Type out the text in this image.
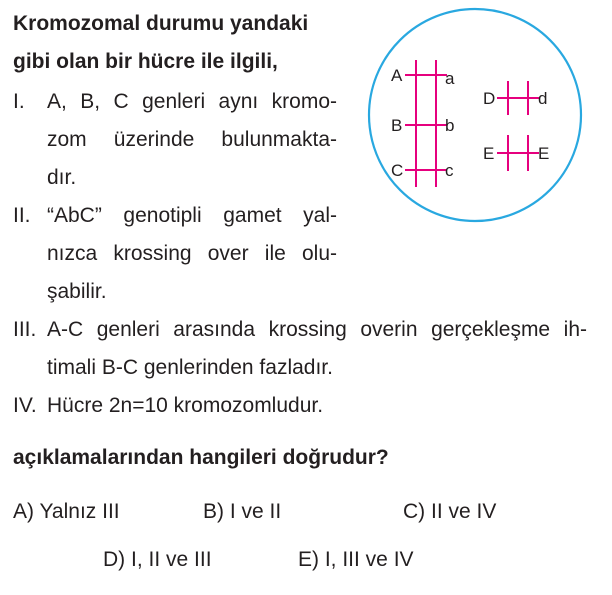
Kromozomal durumu yandaki
gibi olan bir hücre ile ilgili,
I. A, B, C genleri aynı kromo-
zom üzerinde bulunmakta-
dır.
II. “AbC” genotipli gamet yal-
nızca krossing over ile olu-
şabilir.
III. A-C genleri arasında krossing overin gerçekleşme ih-
timali B-C genlerinden fazladır.
IV. Hücre 2n=10 kromozomludur.
açıklamalarından hangileri doğrudur?
A) Yalnız III	B) I ve II	C) II ve IV
D) I, II ve III	E) I, III ve IV
A
B
C
a
b
c
D	d
E	E
